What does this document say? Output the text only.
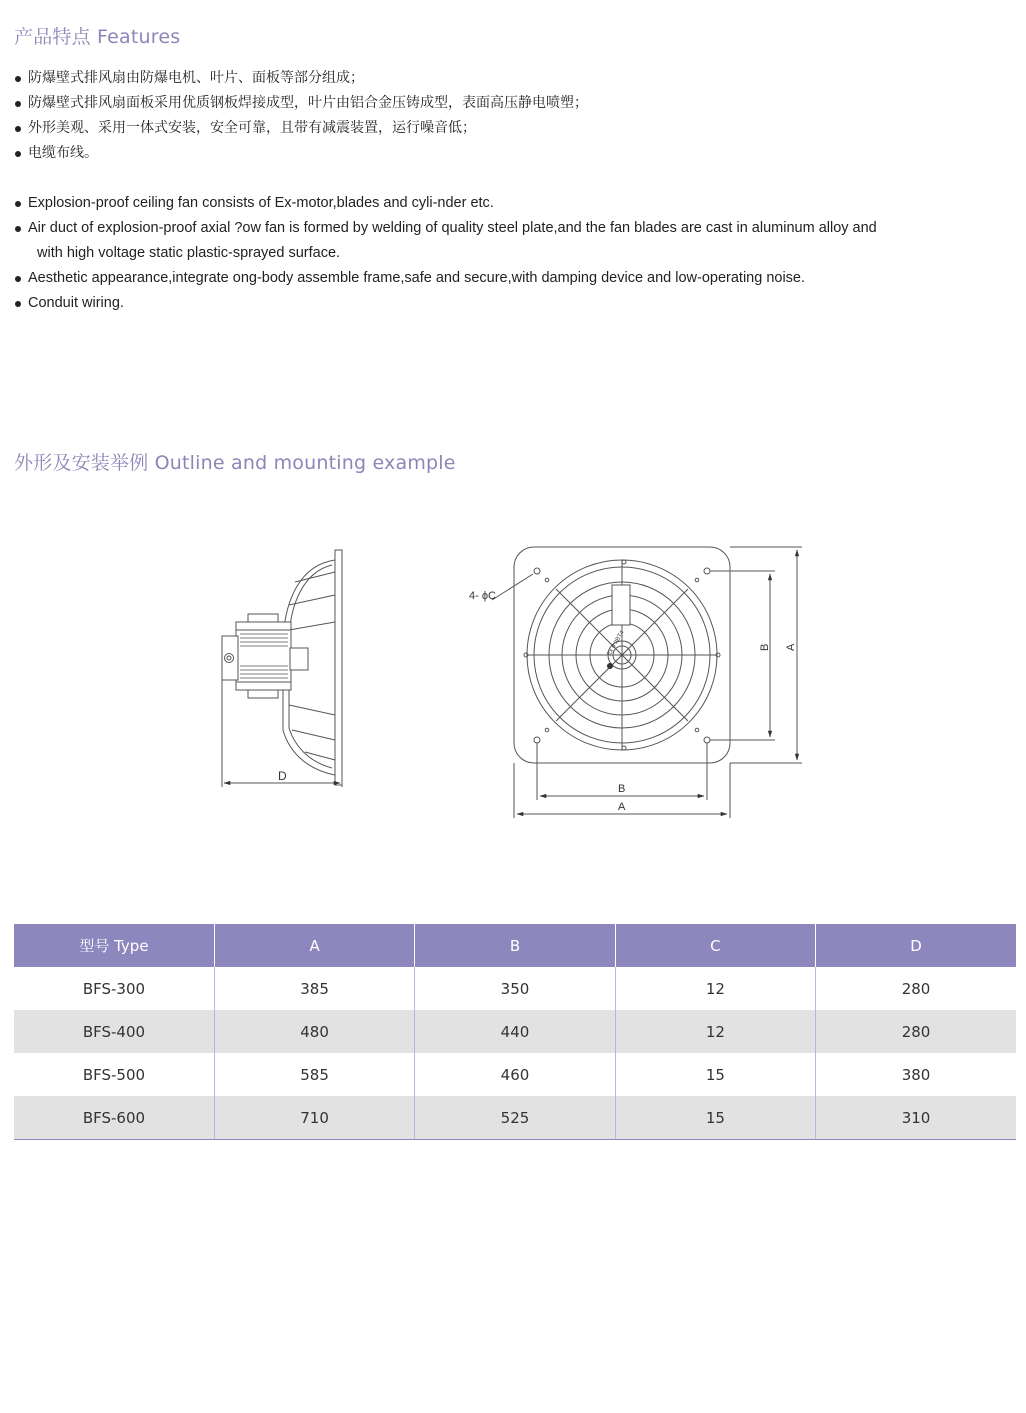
产品特点 Features
防爆壁式排风扇由防爆电机、叶片、面板等部分组成；
防爆壁式排风扇面板采用优质钢板焊接成型，叶片由铝合金压铸成型，表面高压静电喷塑；
外形美观、采用一体式安装，安全可靠，且带有减震装置，运行噪音低；
电缆布线。
Explosion-proof ceiling fan consists of Ex-motor,blades and cyli-nder etc.
Air duct of explosion-proof axial ?ow fan is formed by welding of quality steel plate,and the fan blades are cast in aluminum alloy and
with high voltage static plastic-sprayed surface.
Aesthetic appearance,integrate ong-body assemble frame,safe and secure,with damping device and low-operating noise.
Conduit wiring.
外形及安装举例 Outline and mounting example
D
Ex d IIBT4
4- ϕC
B
A
B A
型号 Type	A	B	C	D
BFS-300	385	350	12	280
BFS-400	480	440	12	280
BFS-500	585	460	15	380
BFS-600	710	525	15	310
